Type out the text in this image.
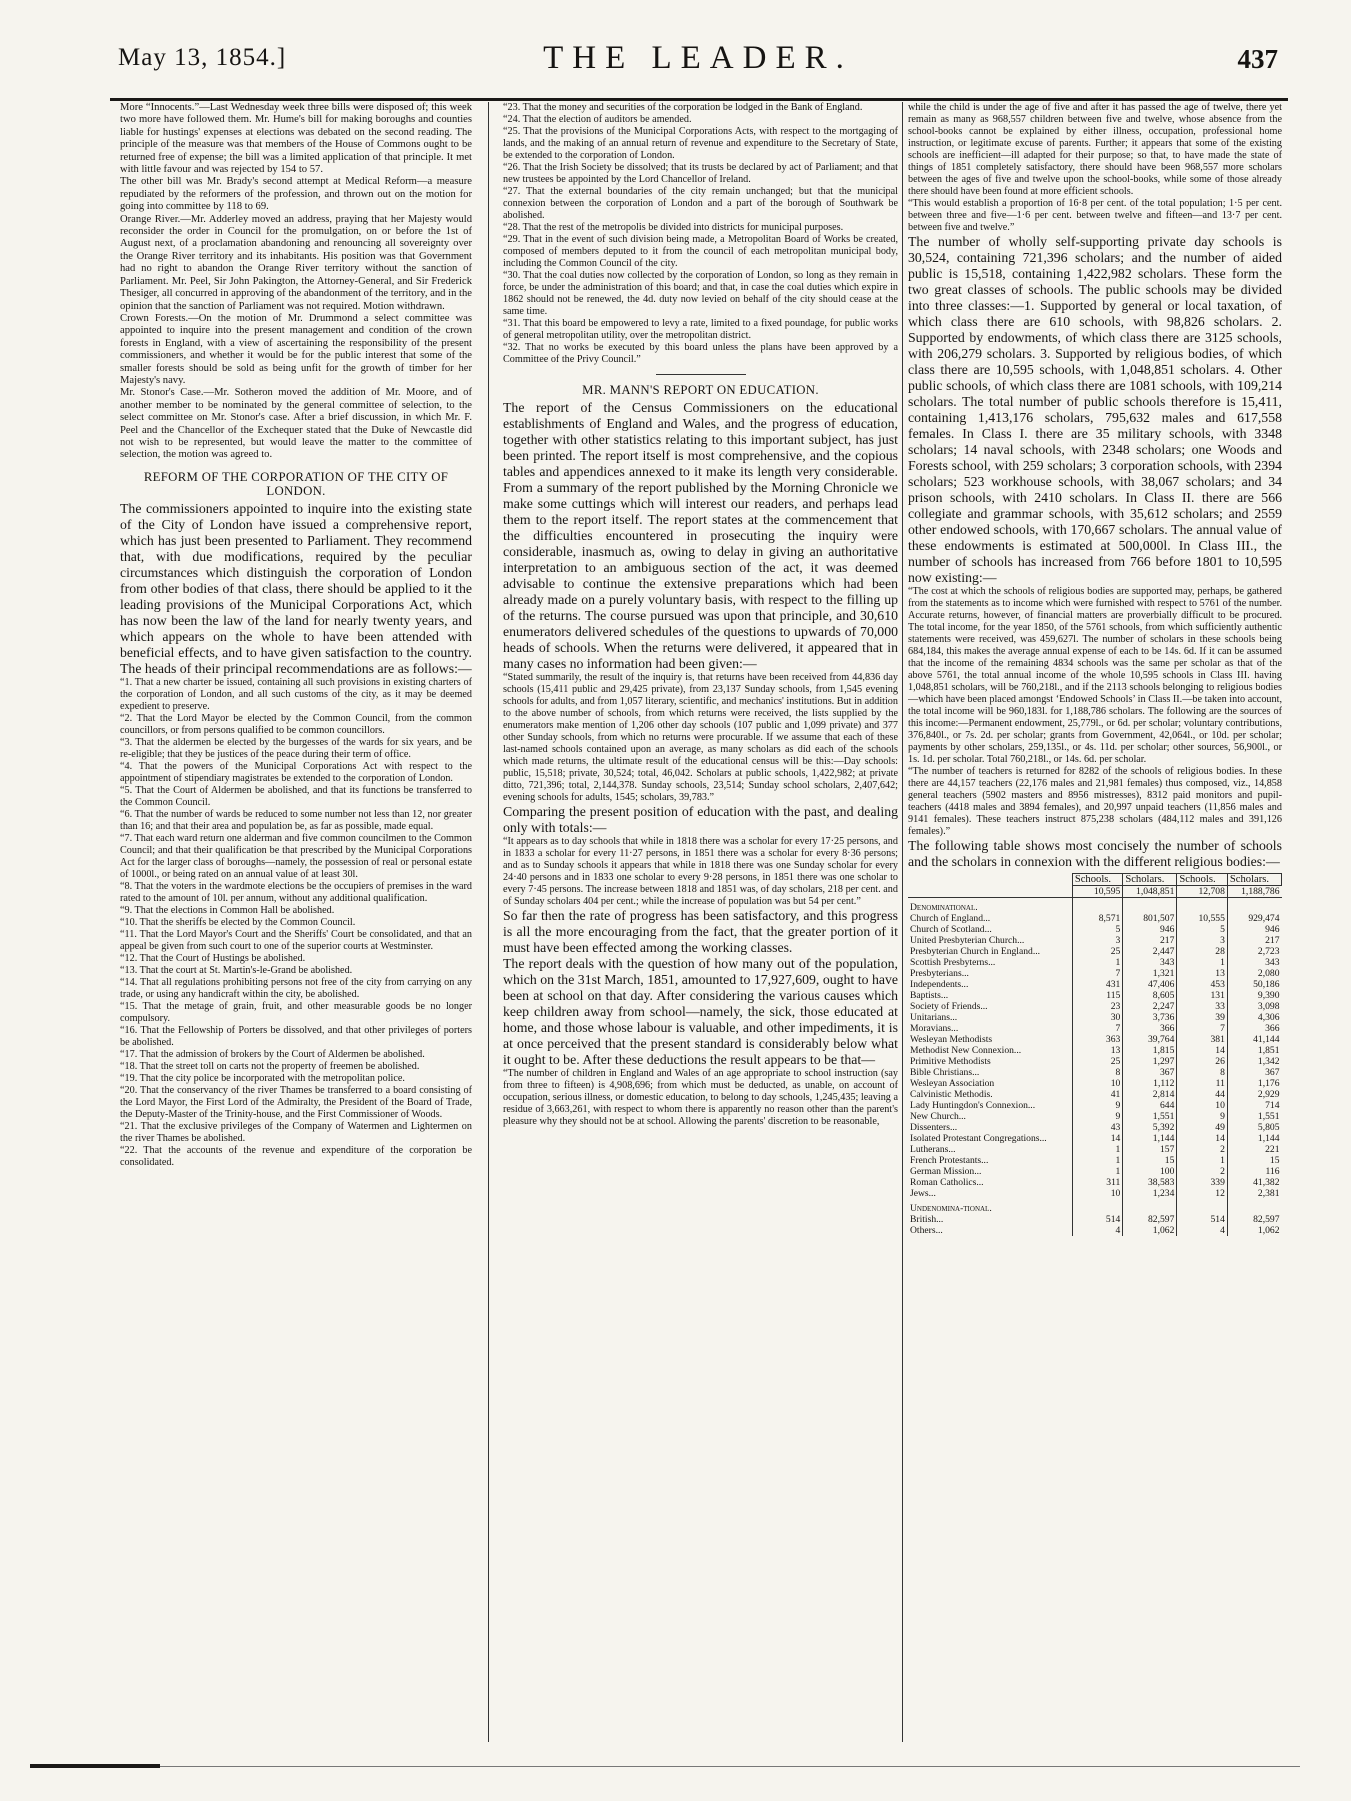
May 13, 1854.]	THE LEADER.	437

More “Innocents.”—Last Wednesday week three bills were disposed of; this week two more have followed them. Mr. Hume's bill for making boroughs and counties liable for hustings' expenses at elections was debated on the second reading. The principle of the measure was that members of the House of Commons ought to be returned free of expense; the bill was a limited application of that principle. It met with little favour and was rejected by 154 to 57.

The other bill was Mr. Brady's second attempt at Medical Reform—a measure repudiated by the reformers of the profession, and thrown out on the motion for going into committee by 118 to 69.

Orange River.—Mr. Adderley moved an address, praying that her Majesty would reconsider the order in Council for the promulgation, on or before the 1st of August next, of a proclamation abandoning and renouncing all sovereignty over the Orange River territory and its inhabitants. His position was that Government had no right to abandon the Orange River territory without the sanction of Parliament. Mr. Peel, Sir John Pakington, the Attorney-General, and Sir Frederick Thesiger, all concurred in approving of the abandonment of the territory, and in the opinion that the sanction of Parliament was not required. Motion withdrawn.

Crown Forests.—On the motion of Mr. Drummond a select committee was appointed to inquire into the present management and condition of the crown forests in England, with a view of ascertaining the responsibility of the present commissioners, and whether it would be for the public interest that some of the smaller forests should be sold as being unfit for the growth of timber for her Majesty's navy.

Mr. Stonor's Case.—Mr. Sotheron moved the addition of Mr. Moore, and of another member to be nominated by the general committee of selection, to the select committee on Mr. Stonor's case. After a brief discussion, in which Mr. F. Peel and the Chancellor of the Exchequer stated that the Duke of Newcastle did not wish to be represented, but would leave the matter to the committee of selection, the motion was agreed to.

REFORM OF THE CORPORATION OF THE CITY OF LONDON.

The commissioners appointed to inquire into the existing state of the City of London have issued a comprehensive report, which has just been presented to Parliament. They recommend that, with due modifications, required by the peculiar circumstances which distinguish the corporation of London from other bodies of that class, there should be applied to it the leading provisions of the Municipal Corporations Act, which has now been the law of the land for nearly twenty years, and which appears on the whole to have been attended with beneficial effects, and to have given satisfaction to the country. The heads of their principal recommendations are as follows:—

“1. That a new charter be issued, containing all such provisions in existing charters of the corporation of London, and all such customs of the city, as it may be deemed expedient to preserve.

“2. That the Lord Mayor be elected by the Common Council, from the common councillors, or from persons qualified to be common councillors.

“3. That the aldermen be elected by the burgesses of the wards for six years, and be re-eligible; that they be justices of the peace during their term of office.

“4. That the powers of the Municipal Corporations Act with respect to the appointment of stipendiary magistrates be extended to the corporation of London.

“5. That the Court of Aldermen be abolished, and that its functions be transferred to the Common Council.

“6. That the number of wards be reduced to some number not less than 12, nor greater than 16; and that their area and population be, as far as possible, made equal.

“7. That each ward return one alderman and five common councilmen to the Common Council; and that their qualification be that prescribed by the Municipal Corporations Act for the larger class of boroughs—namely, the possession of real or personal estate of 1000l., or being rated on an annual value of at least 30l.

“8. That the voters in the wardmote elections be the occupiers of premises in the ward rated to the amount of 10l. per annum, without any additional qualification.

“9. That the elections in Common Hall be abolished.

“10. That the sheriffs be elected by the Common Council.

“11. That the Lord Mayor's Court and the Sheriffs' Court be consolidated, and that an appeal be given from such court to one of the superior courts at Westminster.

“12. That the Court of Hustings be abolished.

“13. That the court at St. Martin's-le-Grand be abolished.

“14. That all regulations prohibiting persons not free of the city from carrying on any trade, or using any handicraft within the city, be abolished.

“15. That the metage of grain, fruit, and other measurable goods be no longer compulsory.

“16. That the Fellowship of Porters be dissolved, and that other privileges of porters be abolished.

“17. That the admission of brokers by the Court of Aldermen be abolished.

“18. That the street toll on carts not the property of freemen be abolished.

“19. That the city police be incorporated with the metropolitan police.

“20. That the conservancy of the river Thames be transferred to a board consisting of the Lord Mayor, the First Lord of the Admiralty, the President of the Board of Trade, the Deputy-Master of the Trinity-house, and the First Commissioner of Woods.

“21. That the exclusive privileges of the Company of Watermen and Lightermen on the river Thames be abolished.

“22. That the accounts of the revenue and expenditure of the corporation be consolidated.

“23. That the money and securities of the corporation be lodged in the Bank of England.

“24. That the election of auditors be amended.

“25. That the provisions of the Municipal Corporations Acts, with respect to the mortgaging of lands, and the making of an annual return of revenue and expenditure to the Secretary of State, be extended to the corporation of London.

“26. That the Irish Society be dissolved; that its trusts be declared by act of Parliament; and that new trustees be appointed by the Lord Chancellor of Ireland.

“27. That the external boundaries of the city remain unchanged; but that the municipal connexion between the corporation of London and a part of the borough of Southwark be abolished.

“28. That the rest of the metropolis be divided into districts for municipal purposes.

“29. That in the event of such division being made, a Metropolitan Board of Works be created, composed of members deputed to it from the council of each metropolitan municipal body, including the Common Council of the city.

“30. That the coal duties now collected by the corporation of London, so long as they remain in force, be under the administration of this board; and that, in case the coal duties which expire in 1862 should not be renewed, the 4d. duty now levied on behalf of the city should cease at the same time.

“31. That this board be empowered to levy a rate, limited to a fixed poundage, for public works of general metropolitan utility, over the metropolitan district.

“32. That no works be executed by this board unless the plans have been approved by a Committee of the Privy Council.”

MR. MANN'S REPORT ON EDUCATION.

The report of the Census Commissioners on the educational establishments of England and Wales, and the progress of education, together with other statistics relating to this important subject, has just been printed. The report itself is most comprehensive, and the copious tables and appendices annexed to it make its length very considerable. From a summary of the report published by the Morning Chronicle we make some cuttings which will interest our readers, and perhaps lead them to the report itself. The report states at the commencement that the difficulties encountered in prosecuting the inquiry were considerable, inasmuch as, owing to delay in giving an authoritative interpretation to an ambiguous section of the act, it was deemed advisable to continue the extensive preparations which had been already made on a purely voluntary basis, with respect to the filling up of the returns. The course pursued was upon that principle, and 30,610 enumerators delivered schedules of the questions to upwards of 70,000 heads of schools. When the returns were delivered, it appeared that in many cases no information had been given:—

“Stated summarily, the result of the inquiry is, that returns have been received from 44,836 day schools (15,411 public and 29,425 private), from 23,137 Sunday schools, from 1,545 evening schools for adults, and from 1,057 literary, scientific, and mechanics' institutions. But in addition to the above number of schools, from which returns were received, the lists supplied by the enumerators make mention of 1,206 other day schools (107 public and 1,099 private) and 377 other Sunday schools, from which no returns were procurable. If we assume that each of these last-named schools contained upon an average, as many scholars as did each of the schools which made returns, the ultimate result of the educational census will be this:—Day schools: public, 15,518; private, 30,524; total, 46,042. Scholars at public schools, 1,422,982; at private ditto, 721,396; total, 2,144,378. Sunday schools, 23,514; Sunday school scholars, 2,407,642; evening schools for adults, 1545; scholars, 39,783.”

Comparing the present position of education with the past, and dealing only with totals:—

“It appears as to day schools that while in 1818 there was a scholar for every 17·25 persons, and in 1833 a scholar for every 11·27 persons, in 1851 there was a scholar for every 8·36 persons; and as to Sunday schools it appears that while in 1818 there was one Sunday scholar for every 24·40 persons and in 1833 one scholar to every 9·28 persons, in 1851 there was one scholar to every 7·45 persons. The increase between 1818 and 1851 was, of day scholars, 218 per cent. and of Sunday scholars 404 per cent.; while the increase of population was but 54 per cent.”

So far then the rate of progress has been satisfactory, and this progress is all the more encouraging from the fact, that the greater portion of it must have been effected among the working classes.

The report deals with the question of how many out of the population, which on the 31st March, 1851, amounted to 17,927,609, ought to have been at school on that day. After considering the various causes which keep children away from school—namely, the sick, those educated at home, and those whose labour is valuable, and other impediments, it is at once perceived that the present standard is considerably below what it ought to be. After these deductions the result appears to be that—

“The number of children in England and Wales of an age appropriate to school instruction (say from three to fifteen) is 4,908,696; from which must be deducted, as unable, on account of occupation, serious illness, or domestic education, to belong to day schools, 1,245,435; leaving a residue of 3,663,261, with respect to whom there is apparently no reason other than the parent's pleasure why they should not be at school. Allowing the parents' discretion to be reasonable,

while the child is under the age of five and after it has passed the age of twelve, there yet remain as many as 968,557 children between five and twelve, whose absence from the school-books cannot be explained by either illness, occupation, professional home instruction, or legitimate excuse of parents. Further; it appears that some of the existing schools are inefficient—ill adapted for their purpose; so that, to have made the state of things of 1851 completely satisfactory, there should have been 968,557 more scholars between the ages of five and twelve upon the school-books, while some of those already there should have been found at more efficient schools.

“This would establish a proportion of 16·8 per cent. of the total population; 1·5 per cent. between three and five—1·6 per cent. between twelve and fifteen—and 13·7 per cent. between five and twelve.”

The number of wholly self-supporting private day schools is 30,524, containing 721,396 scholars; and the number of aided public is 15,518, containing 1,422,982 scholars. These form the two great classes of schools. The public schools may be divided into three classes:—1. Supported by general or local taxation, of which class there are 610 schools, with 98,826 scholars. 2. Supported by endowments, of which class there are 3125 schools, with 206,279 scholars. 3. Supported by religious bodies, of which class there are 10,595 schools, with 1,048,851 scholars. 4. Other public schools, of which class there are 1081 schools, with 109,214 scholars. The total number of public schools therefore is 15,411, containing 1,413,176 scholars, 795,632 males and 617,558 females. In Class I. there are 35 military schools, with 3348 scholars; 14 naval schools, with 2348 scholars; one Woods and Forests school, with 259 scholars; 3 corporation schools, with 2394 scholars; 523 workhouse schools, with 38,067 scholars; and 34 prison schools, with 2410 scholars. In Class II. there are 566 collegiate and grammar schools, with 35,612 scholars; and 2559 other endowed schools, with 170,667 scholars. The annual value of these endowments is estimated at 500,000l. In Class III., the number of schools has increased from 766 before 1801 to 10,595 now existing:—

“The cost at which the schools of religious bodies are supported may, perhaps, be gathered from the statements as to income which were furnished with respect to 5761 of the number. Accurate returns, however, of financial matters are proverbially difficult to be procured. The total income, for the year 1850, of the 5761 schools, from which sufficiently authentic statements were received, was 459,627l. The number of scholars in these schools being 684,184, this makes the average annual expense of each to be 14s. 6d. If it can be assumed that the income of the remaining 4834 schools was the same per scholar as that of the above 5761, the total annual income of the whole 10,595 schools in Class III. having 1,048,851 scholars, will be 760,218l., and if the 2113 schools belonging to religious bodies—which have been placed amongst ‘Endowed Schools’ in Class II.—be taken into account, the total income will be 960,183l. for 1,188,786 scholars. The following are the sources of this income:—Permanent endowment, 25,779l., or 6d. per scholar; voluntary contributions, 376,840l., or 7s. 2d. per scholar; grants from Government, 42,064l., or 10d. per scholar; payments by other scholars, 259,135l., or 4s. 11d. per scholar; other sources, 56,900l., or 1s. 1d. per scholar. Total 760,218l., or 14s. 6d. per scholar.

“The number of teachers is returned for 8282 of the schools of religious bodies. In these there are 44,157 teachers (22,176 males and 21,981 females) thus composed, viz., 14,858 general teachers (5902 masters and 8956 mistresses), 8312 paid monitors and pupil-teachers (4418 males and 3894 females), and 20,997 unpaid teachers (11,856 males and 9141 females). These teachers instruct 875,238 scholars (484,112 males and 391,126 females).”

The following table shows most concisely the number of schools and the scholars in connexion with the different religious bodies:—

	Schools.	Scholars.	Schools.	Scholars.
	10,595	1,048,851	12,708	1,188,786
Denominational.				
Church of England...	8,571	801,507	10,555	929,474
Church of Scotland...	5	946	5	946
United Presbyterian Church...	3	217	3	217
Presbyterian Church in England...	25	2,447	28	2,723
Scottish Presbyterns...	1	343	1	343
Presbyterians...	7	1,321	13	2,080
Independents...	431	47,406	453	50,186
Baptists...	115	8,605	131	9,390
Society of Friends...	23	2,247	33	3,098
Unitarians...	30	3,736	39	4,306
Moravians...	7	366	7	366
Wesleyan Methodists	363	39,764	381	41,144
Methodist New Connexion...	13	1,815	14	1,851
Primitive Methodists	25	1,297	26	1,342
Bible Christians...	8	367	8	367
Wesleyan Association	10	1,112	11	1,176
Calvinistic Methodis.	41	2,814	44	2,929
Lady Huntingdon's Connexion...	9	644	10	714
New Church...	9	1,551	9	1,551
Dissenters...	43	5,392	49	5,805
Isolated Protestant Congregations...	14	1,144	14	1,144
Lutherans...	1	157	2	221
French Protestants...	1	15	1	15
German Mission...	1	100	2	116
Roman Catholics...	311	38,583	339	41,382
Jews...	10	1,234	12	2,381
Undenomina-tional.				
British...	514	82,597	514	82,597
Others...	4	1,062	4	1,062
